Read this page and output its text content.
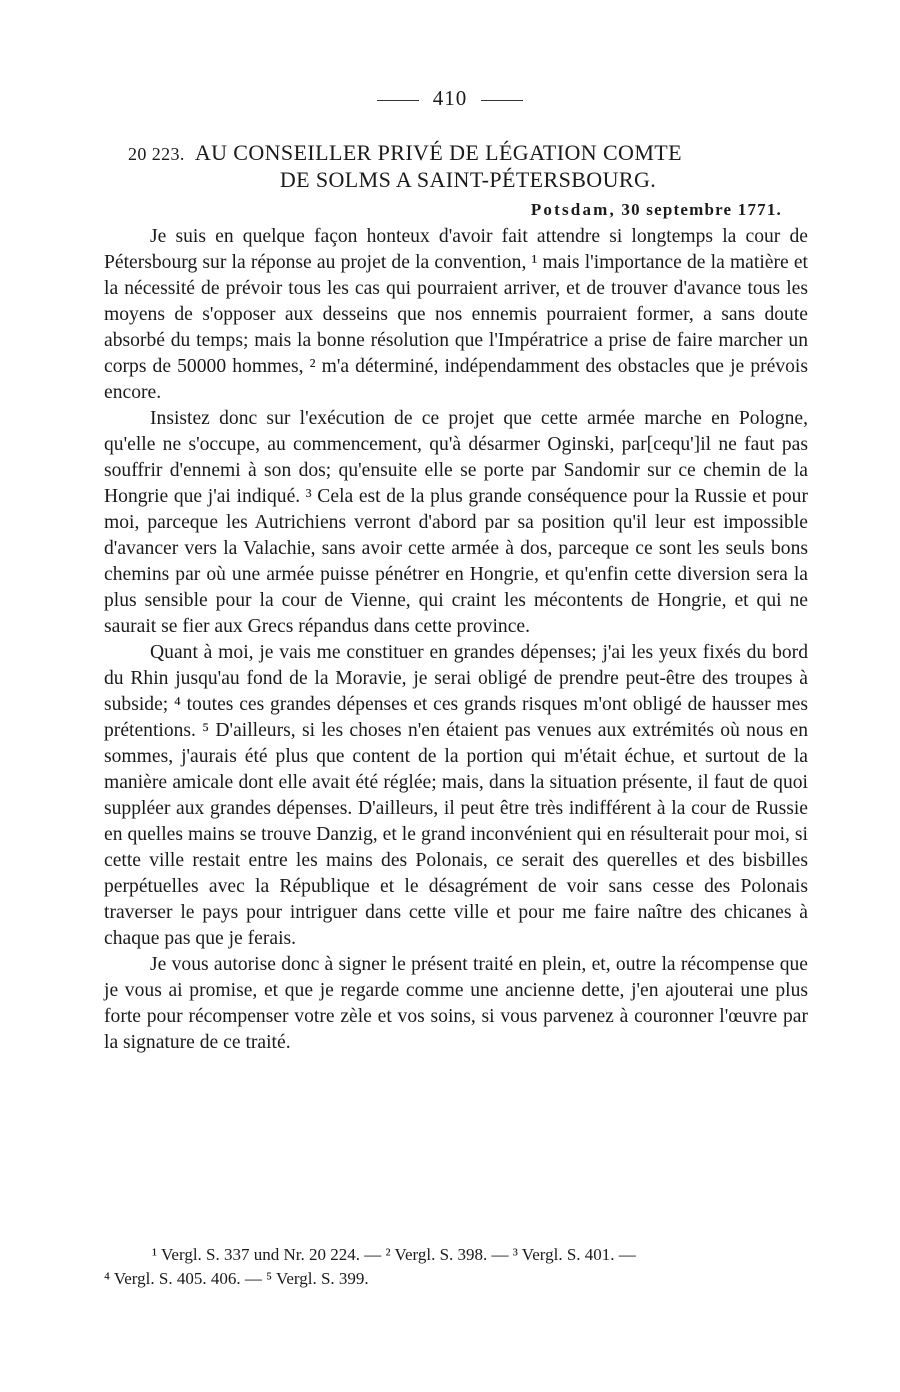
410
20 223. AU CONSEILLER PRIVÉ DE LÉGATION COMTE
DE SOLMS A SAINT-PÉTERSBOURG.
Potsdam, 30 septembre 1771.

Je suis en quelque façon honteux d'avoir fait attendre si longtemps la cour de Pétersbourg sur la réponse au projet de la convention, ¹ mais l'importance de la matière et la nécessité de prévoir tous les cas qui pourraient arriver, et de trouver d'avance tous les moyens de s'opposer aux desseins que nos ennemis pourraient former, a sans doute absorbé du temps; mais la bonne résolution que l'Impératrice a prise de faire marcher un corps de 50000 hommes, ² m'a déterminé, indépendamment des obstacles que je prévois encore.

Insistez donc sur l'exécution de ce projet que cette armée marche en Pologne, qu'elle ne s'occupe, au commencement, qu'à désarmer Oginski, par[cequ']il ne faut pas souffrir d'ennemi à son dos; qu'ensuite elle se porte par Sandomir sur ce chemin de la Hongrie que j'ai indiqué. ³ Cela est de la plus grande conséquence pour la Russie et pour moi, parceque les Autrichiens verront d'abord par sa position qu'il leur est impossible d'avancer vers la Valachie, sans avoir cette armée à dos, parceque ce sont les seuls bons chemins par où une armée puisse pénétrer en Hongrie, et qu'enfin cette diversion sera la plus sensible pour la cour de Vienne, qui craint les mécontents de Hongrie, et qui ne saurait se fier aux Grecs répandus dans cette province.

Quant à moi, je vais me constituer en grandes dépenses; j'ai les yeux fixés du bord du Rhin jusqu'au fond de la Moravie, je serai obligé de prendre peut-être des troupes à subside; ⁴ toutes ces grandes dépenses et ces grands risques m'ont obligé de hausser mes prétentions. ⁵ D'ailleurs, si les choses n'en étaient pas venues aux extrémités où nous en sommes, j'aurais été plus que content de la portion qui m'était échue, et surtout de la manière amicale dont elle avait été réglée; mais, dans la situation présente, il faut de quoi suppléer aux grandes dépenses. D'ailleurs, il peut être très indifférent à la cour de Russie en quelles mains se trouve Danzig, et le grand inconvénient qui en résulterait pour moi, si cette ville restait entre les mains des Polonais, ce serait des querelles et des bisbilles perpétuelles avec la République et le désagrément de voir sans cesse des Polonais traverser le pays pour intriguer dans cette ville et pour me faire naître des chicanes à chaque pas que je ferais.

Je vous autorise donc à signer le présent traité en plein, et, outre la récompense que je vous ai promise, et que je regarde comme une ancienne dette, j'en ajouterai une plus forte pour récompenser votre zèle et vos soins, si vous parvenez à couronner l'œuvre par la signature de ce traité.

¹ Vergl. S. 337 und Nr. 20 224. — ² Vergl. S. 398. — ³ Vergl. S. 401. —
⁴ Vergl. S. 405. 406. — ⁵ Vergl. S. 399.
